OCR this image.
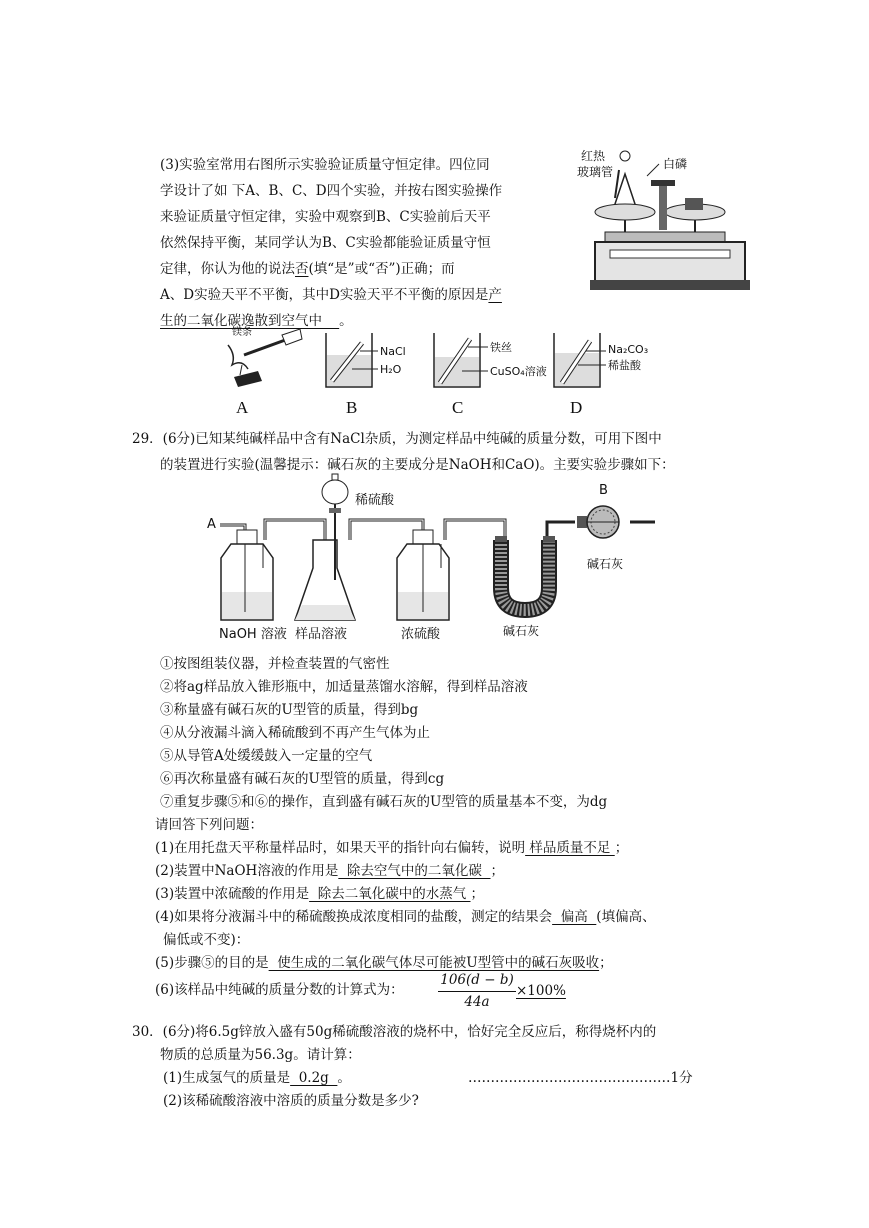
(3)实验室常用右图所示实验验证质量守恒定律。四位同
学设计了如 下A、B、C、D四个实验，并按右图实验操作
来验证质量守恒定律，实验中观察到B、C实验前后天平
依然保持平衡，某同学认为B、C实验都能验证质量守恒
定律，你认为他的说法否(填“是”或“否”)正确；而
A、D实验天平不平衡，其中D实验天平不平衡的原因是产
生的二氧化碳逸散到空气中 。
红热
玻璃管
白磷
镁条
NaCl
H₂O
铁丝
CuSO₄溶液
Na₂CO₃
稀盐酸
A	B	C	D
29．(6分)已知某纯碱样品中含有NaCl杂质，为测定样品中纯碱的质量分数，可用下图中
的装置进行实验(温馨提示：碱石灰的主要成分是NaOH和CaO)。主要实验步骤如下：
A
稀硫酸
碱石灰
B
碱石灰
NaOH 溶液 样品溶液	浓硫酸
①按图组装仪器，并检查装置的气密性
②将ag样品放入锥形瓶中，加适量蒸馏水溶解，得到样品溶液
③称量盛有碱石灰的U型管的质量，得到bg
④从分液漏斗滴入稀硫酸到不再产生气体为止
⑤从导管A处缓缓鼓入一定量的空气
⑥再次称量盛有碱石灰的U型管的质量，得到cg
⑦重复步骤⑤和⑥的操作，直到盛有碱石灰的U型管的质量基本不变，为dg
请回答下列问题：
(1)在用托盘天平称量样品时，如果天平的指针向右偏转，说明 样品质量不足 ；
(2)装置中NaOH溶液的作用是  除去空气中的二氧化碳  ；
(3)装置中浓硫酸的作用是  除去二氧化碳中的水蒸气 ；
(4)如果将分液漏斗中的稀硫酸换成浓度相同的盐酸，测定的结果会  偏高  (填偏高、
偏低或不变)：
(5)步骤⑤的目的是  使生成的二氧化碳气体尽可能被U型管中的碱石灰吸收；
(6)该样品中纯碱的质量分数的计算式为：
106(d − b)
44a
×100%
30．(6分)将6.5g锌放入盛有50g稀硫酸溶液的烧杯中，恰好完全反应后，称得烧杯内的
物质的总质量为56.3g。请计算：
(1)生成氢气的质量是  0.2g  。	………………………………………1分
(2)该稀硫酸溶液中溶质的质量分数是多少?
